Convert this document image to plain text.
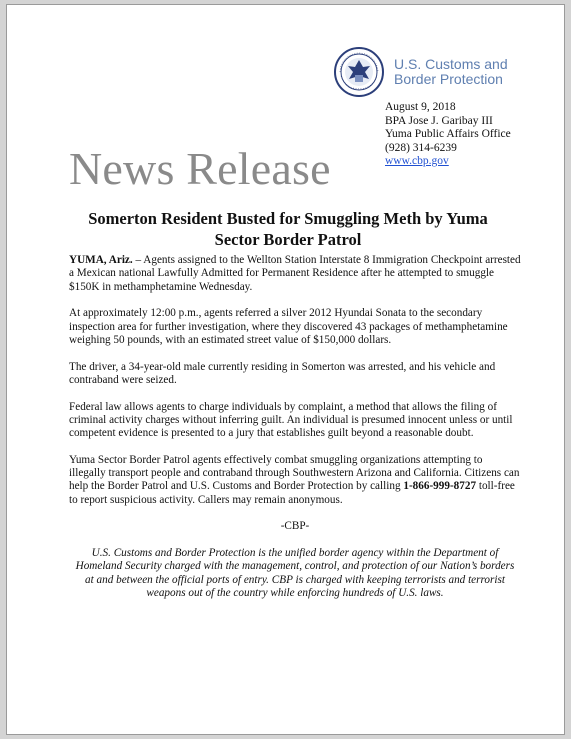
U.S. Customs and
Border Protection
August 9, 2018
BPA Jose J. Garibay III
Yuma Public Affairs Office
(928) 314-6239
www.cbp.gov
News Release
Somerton Resident Busted for Smuggling Meth by Yuma Sector Border Patrol

YUMA, Ariz. – Agents assigned to the Wellton Station Interstate 8 Immigration Checkpoint arrested a Mexican national Lawfully Admitted for Permanent Residence after he attempted to smuggle $150K in methamphetamine Wednesday.

At approximately 12:00 p.m., agents referred a silver 2012 Hyundai Sonata to the secondary inspection area for further investigation, where they discovered 43 packages of methamphetamine weighing 50 pounds, with an estimated street value of $150,000 dollars.

The driver, a 34-year-old male currently residing in Somerton was arrested, and his vehicle and contraband were seized.

Federal law allows agents to charge individuals by complaint, a method that allows the filing of criminal activity charges without inferring guilt. An individual is presumed innocent unless or until competent evidence is presented to a jury that establishes guilt beyond a reasonable doubt.

Yuma Sector Border Patrol agents effectively combat smuggling organizations attempting to illegally transport people and contraband through Southwestern Arizona and California. Citizens can help the Border Patrol and U.S. Customs and Border Protection by calling 1-866-999-8727 toll-free to report suspicious activity. Callers may remain anonymous.

-CBP-

U.S. Customs and Border Protection is the unified border agency within the Department of Homeland Security charged with the management, control, and protection of our Nation’s borders at and between the official ports of entry. CBP is charged with keeping terrorists and terrorist weapons out of the country while enforcing hundreds of U.S. laws.
